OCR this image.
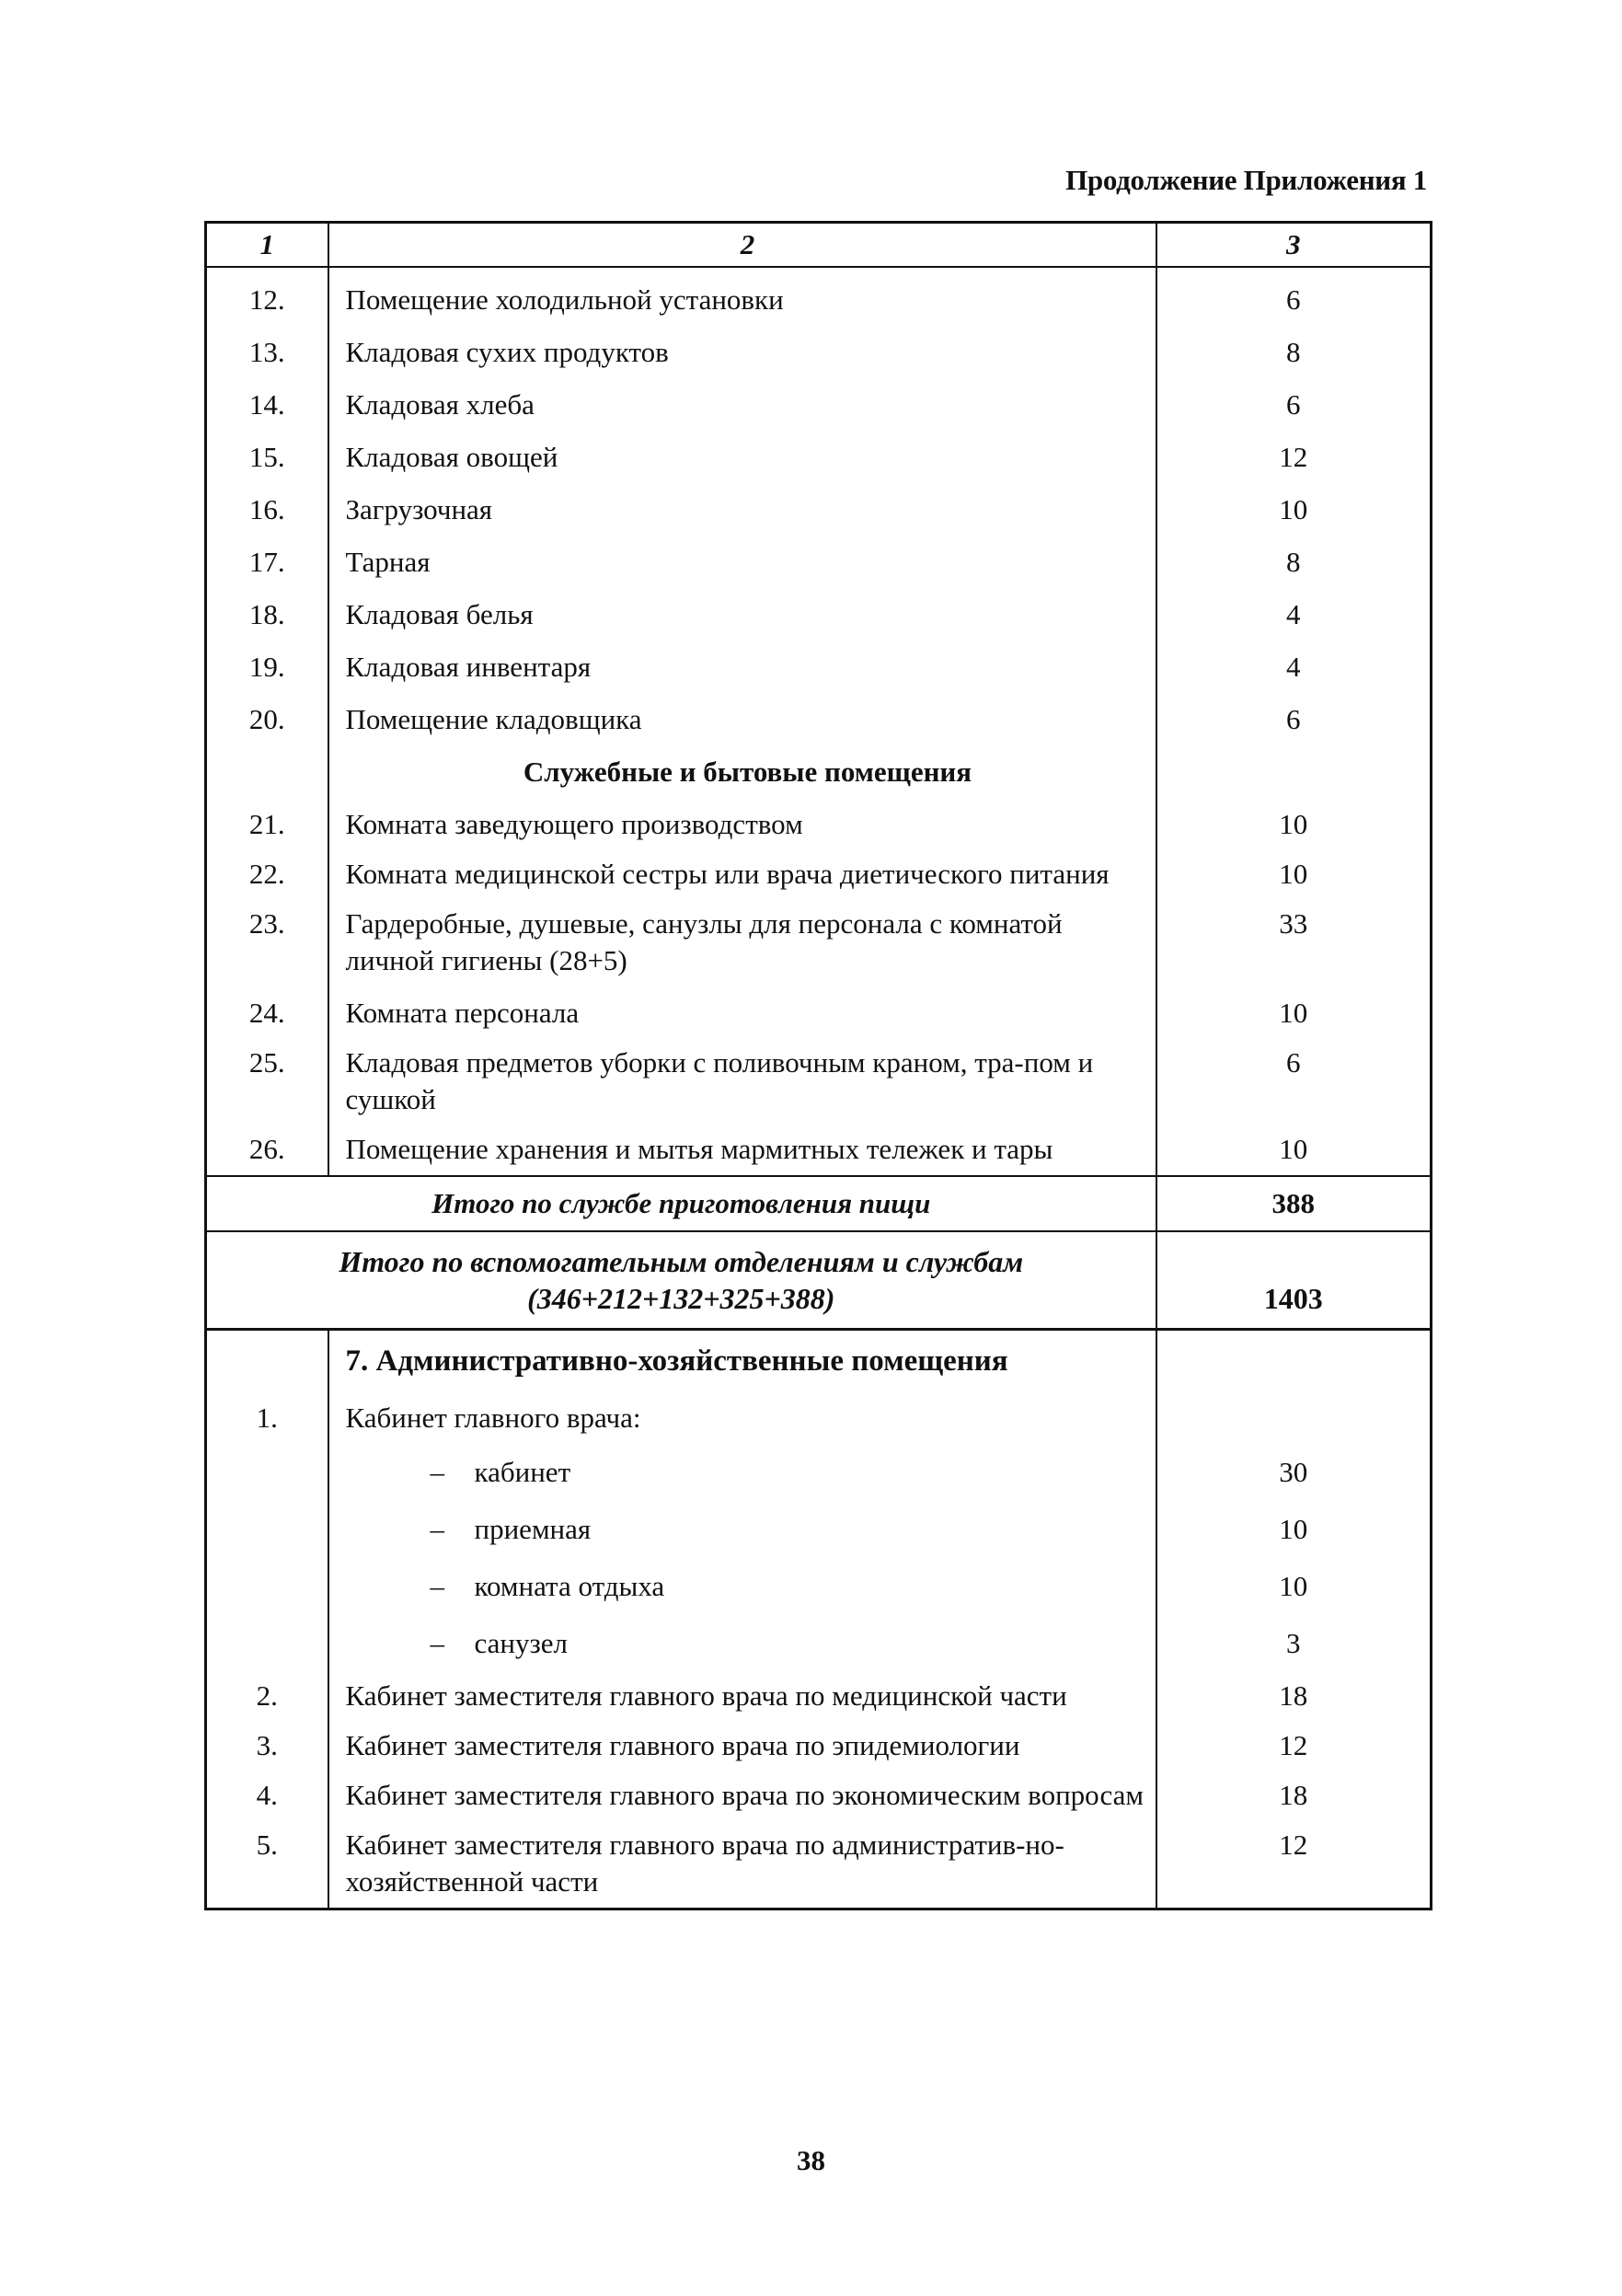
Продолжение Приложения 1
1	2	3
12.	Помещение холодильной установки	6
13.	Кладовая сухих продуктов	8
14.	Кладовая хлеба	6
15.	Кладовая овощей	12
16.	Загрузочная	10
17.	Тарная	8
18.	Кладовая белья	4
19.	Кладовая инвентаря	4
20.	Помещение кладовщика	6
	Служебные и бытовые помещения	
21.	Комната заведующего производством	10
22.	Комната медицинской сестры или врача диетического питания	10
23.	Гардеробные, душевые, санузлы для персонала с комнатой личной гигиены (28+5)	33
24.	Комната персонала	10
25.	Кладовая предметов уборки с поливочным краном, тра-пом и сушкой	6
26.	Помещение хранения и мытья мармитных тележек и тары	10
Итого по службе приготовления пищи		388

Итого по вспомогательным отделениям и службам
(346+212+132+325+388)		1403
	7. Административно-хозяйственные помещения	
1.	Кабинет главного врача:	
	– кабинет	30
	– приемная	10
	– комната отдыха	10
	– санузел	3
2.	Кабинет заместителя главного врача по медицинской части	18
3.	Кабинет заместителя главного врача по эпидемиологии	12
4.	Кабинет заместителя главного врача по экономическим вопросам	18
5.	Кабинет заместителя главного врача по административ-но-хозяйственной части	12
38
